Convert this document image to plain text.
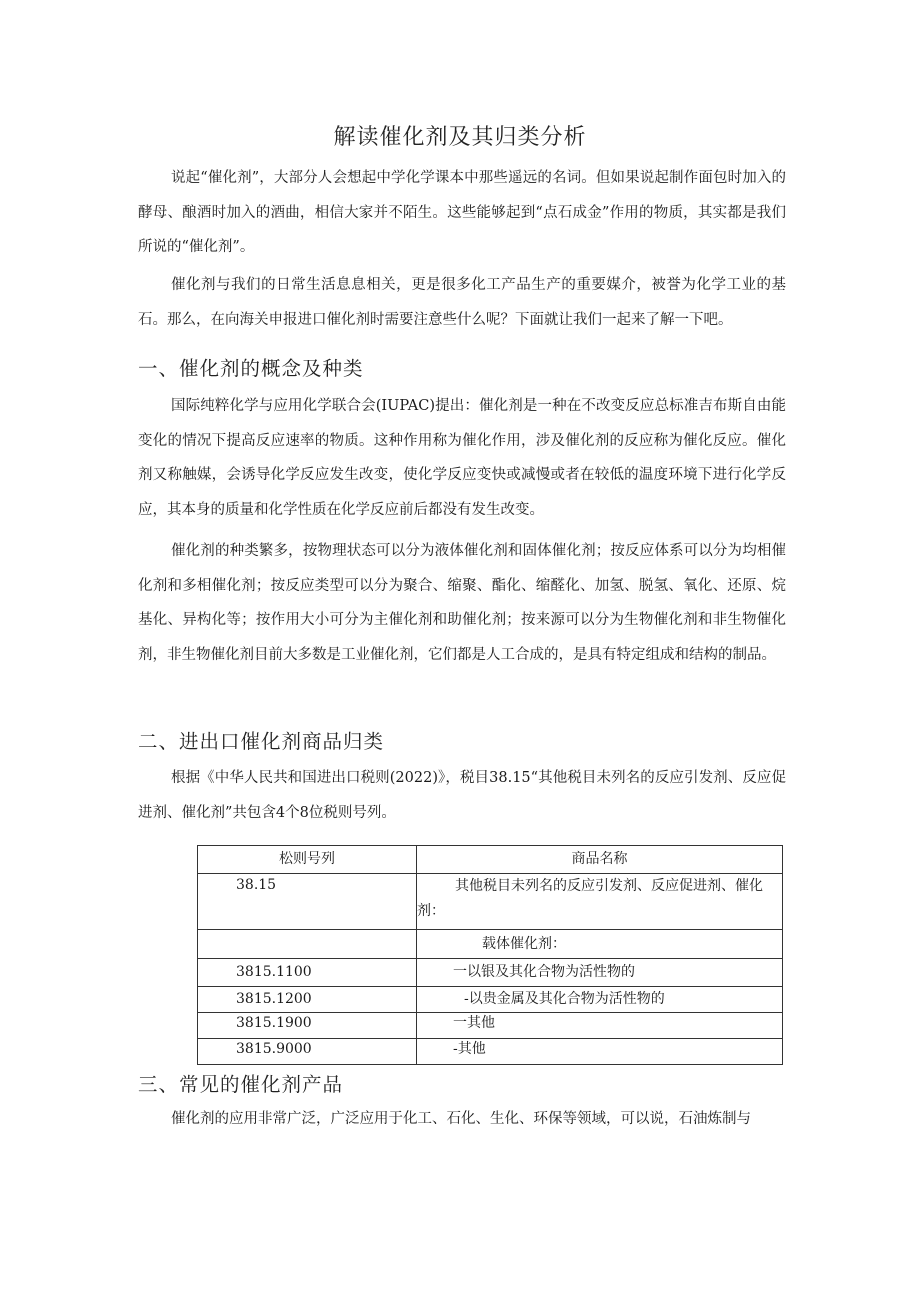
解读催化剂及其归类分析

说起“催化剂”，大部分人会想起中学化学课本中那些遥远的名词。但如果说起制作面包时加入的酵母、酿酒时加入的酒曲，相信大家并不陌生。这些能够起到“点石成金”作用的物质，其实都是我们所说的“催化剂”。

催化剂与我们的日常生活息息相关，更是很多化工产品生产的重要媒介，被誉为化学工业的基石。那么，在向海关申报进口催化剂时需要注意些什么呢？下面就让我们一起来了解一下吧。

一、催化剂的概念及种类

国际纯粹化学与应用化学联合会(IUPAC)提出：催化剂是一种在不改变反应总标准吉布斯自由能变化的情况下提高反应速率的物质。这种作用称为催化作用，涉及催化剂的反应称为催化反应。催化剂又称触媒，会诱导化学反应发生改变，使化学反应变快或减慢或者在较低的温度环境下进行化学反应，其本身的质量和化学性质在化学反应前后都没有发生改变。

催化剂的种类繁多，按物理状态可以分为液体催化剂和固体催化剂；按反应体系可以分为均相催化剂和多相催化剂；按反应类型可以分为聚合、缩聚、酯化、缩醛化、加氢、脱氢、氧化、还原、烷基化、异构化等；按作用大小可分为主催化剂和助催化剂；按来源可以分为生物催化剂和非生物催化剂，非生物催化剂目前大多数是工业催化剂，它们都是人工合成的，是具有特定组成和结构的制品。

二、进出口催化剂商品归类

根据《中华人民共和国进出口税则(2022)》，税目38.15“其他税目未列名的反应引发剂、反应促进剂、催化剂”共包含4个8位税则号列。

松则号列	商品名称
38.15	其他税目未列名的反应引发剂、反应促进剂、催化剂：
	载体催化剂：
3815.1100	一以银及其化合物为活性物的
3815.1200	-以贵金属及其化合物为活性物的
3815.1900	一其他
3815.9000	-其他
三、常见的催化剂产品

催化剂的应用非常广泛，广泛应用于化工、石化、生化、环保等领域，可以说，石油炼制与
